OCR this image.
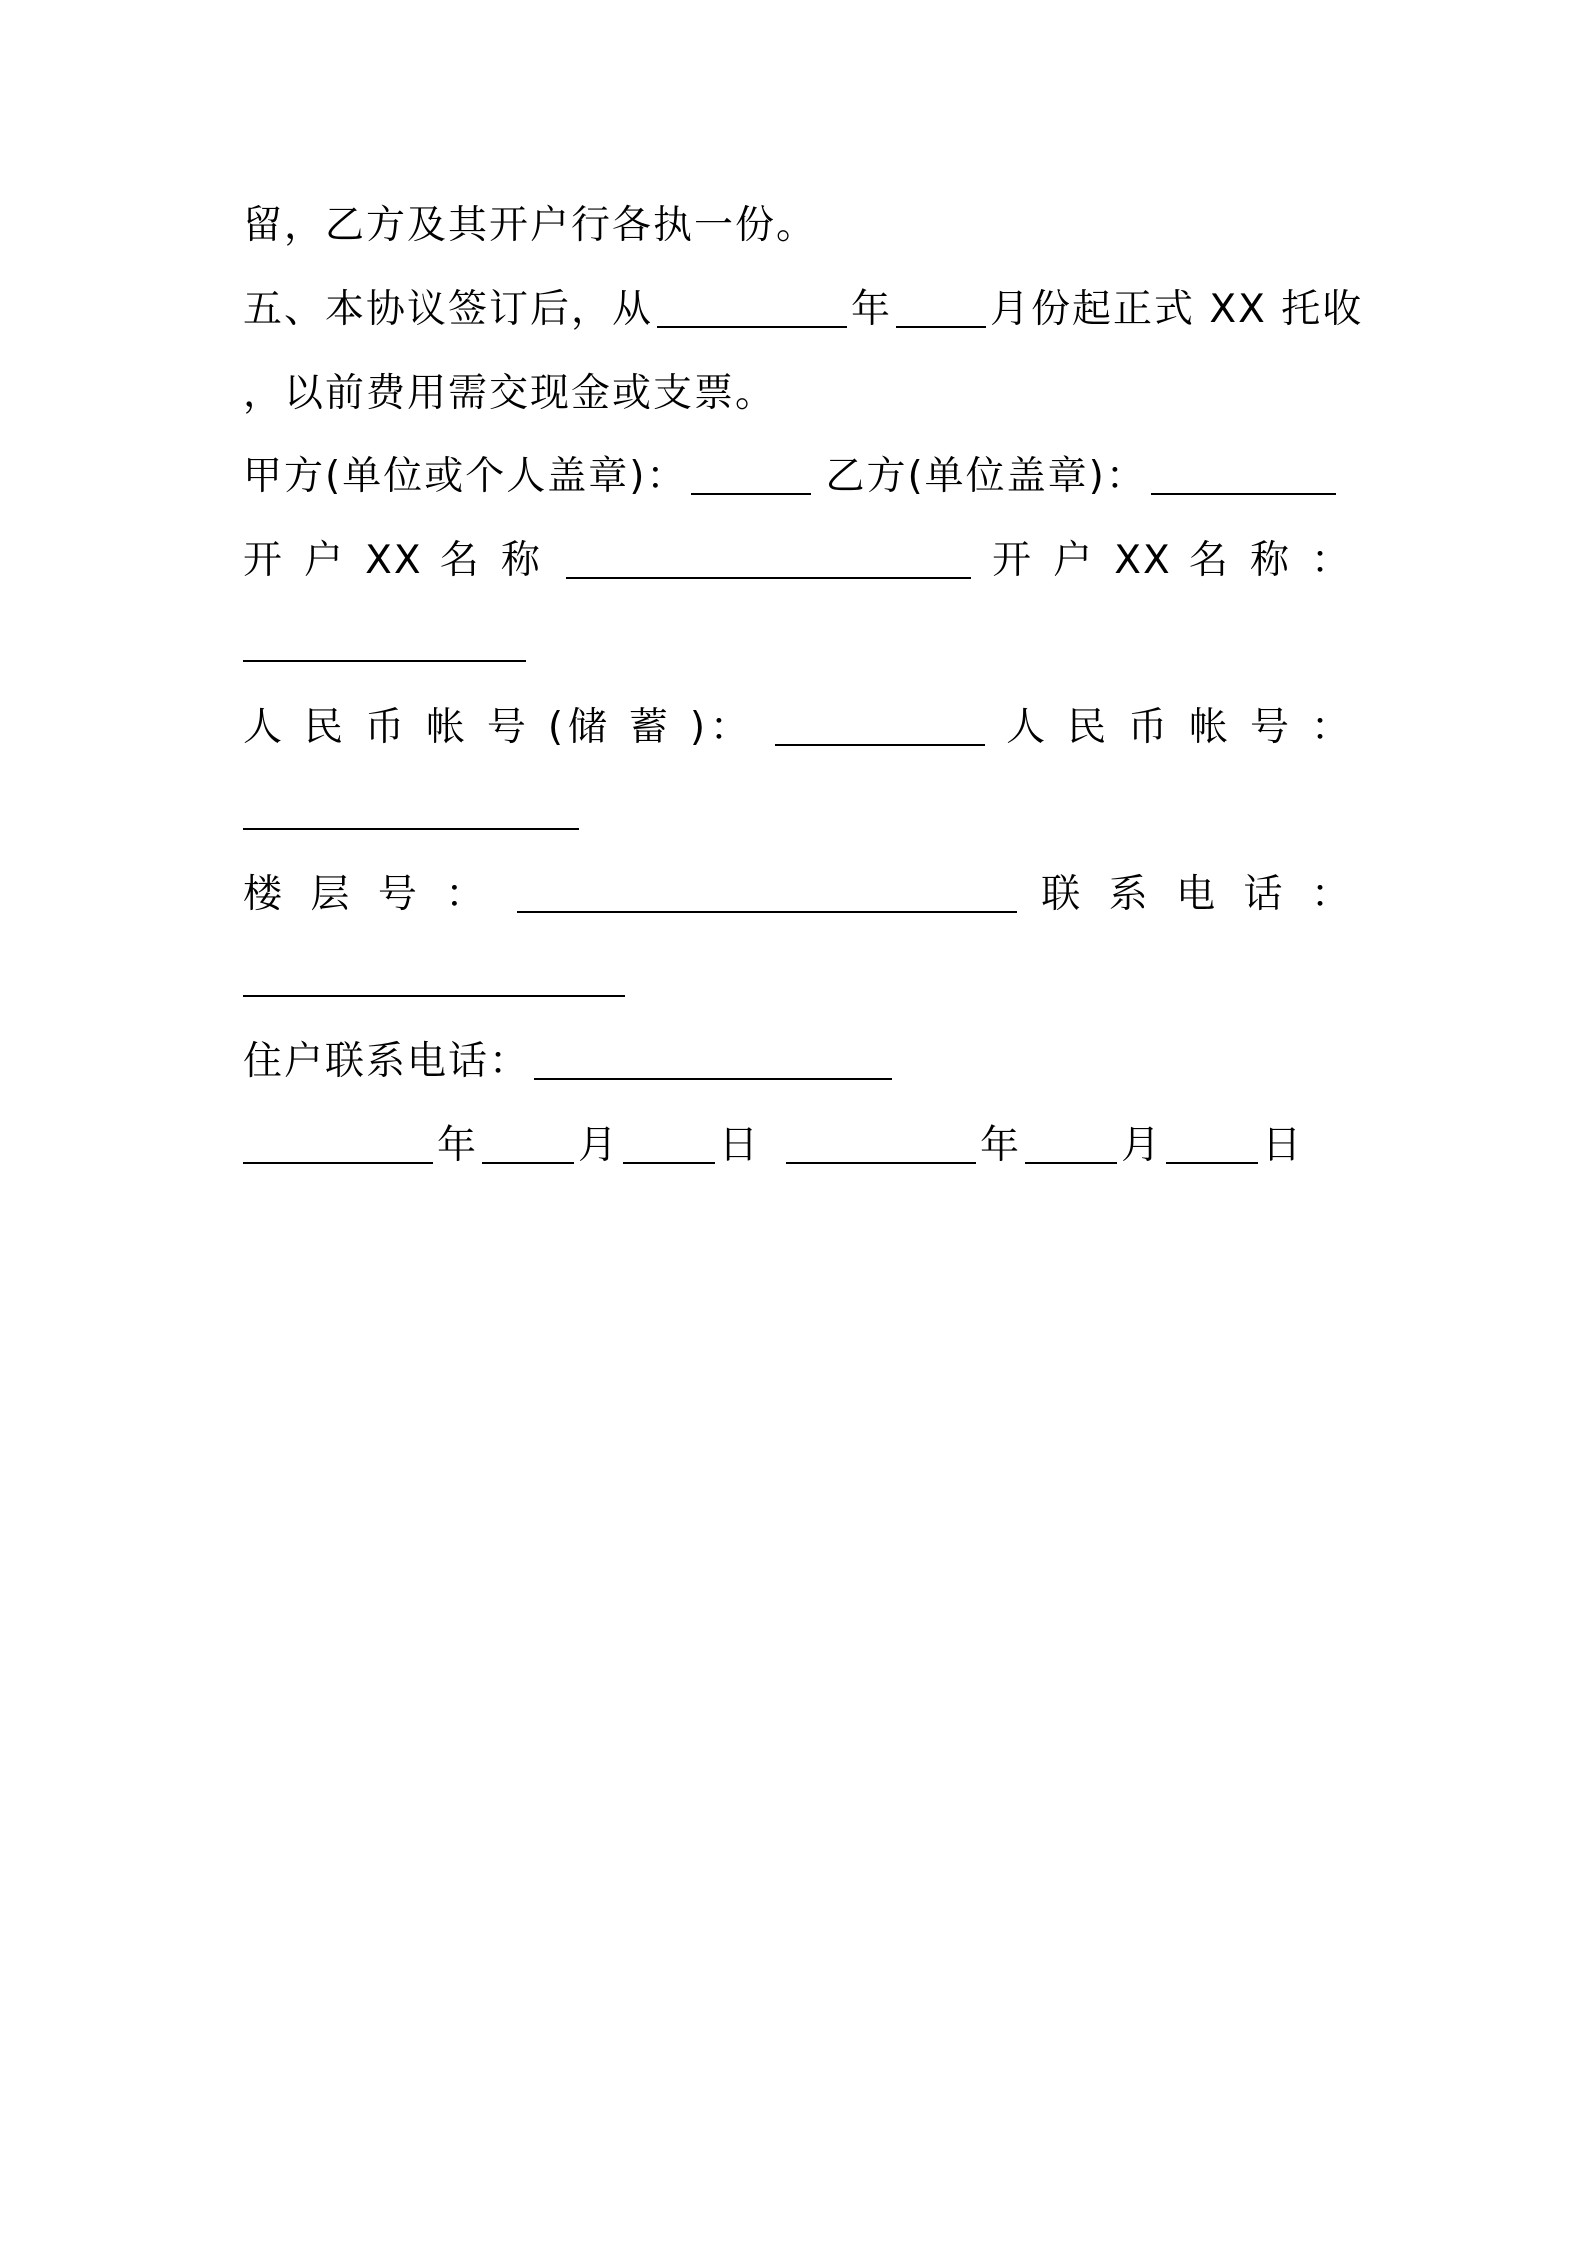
留，乙方及其开户行各执一份。
五、本协议签订后，从	年	月份起正式 XX 托收
，以前费用需交现金或支票。
甲方(单位或个人盖章)：	乙方(单位盖章)：
开 户 XX 名 称	开 户 XX 名 称 ：
人 民 币 帐 号 (储 蓄 )：	人 民 币 帐 号 ：
楼 层 号 ：	联 系 电 话 ：
住户联系电话：
年	月	日	年	月	日
